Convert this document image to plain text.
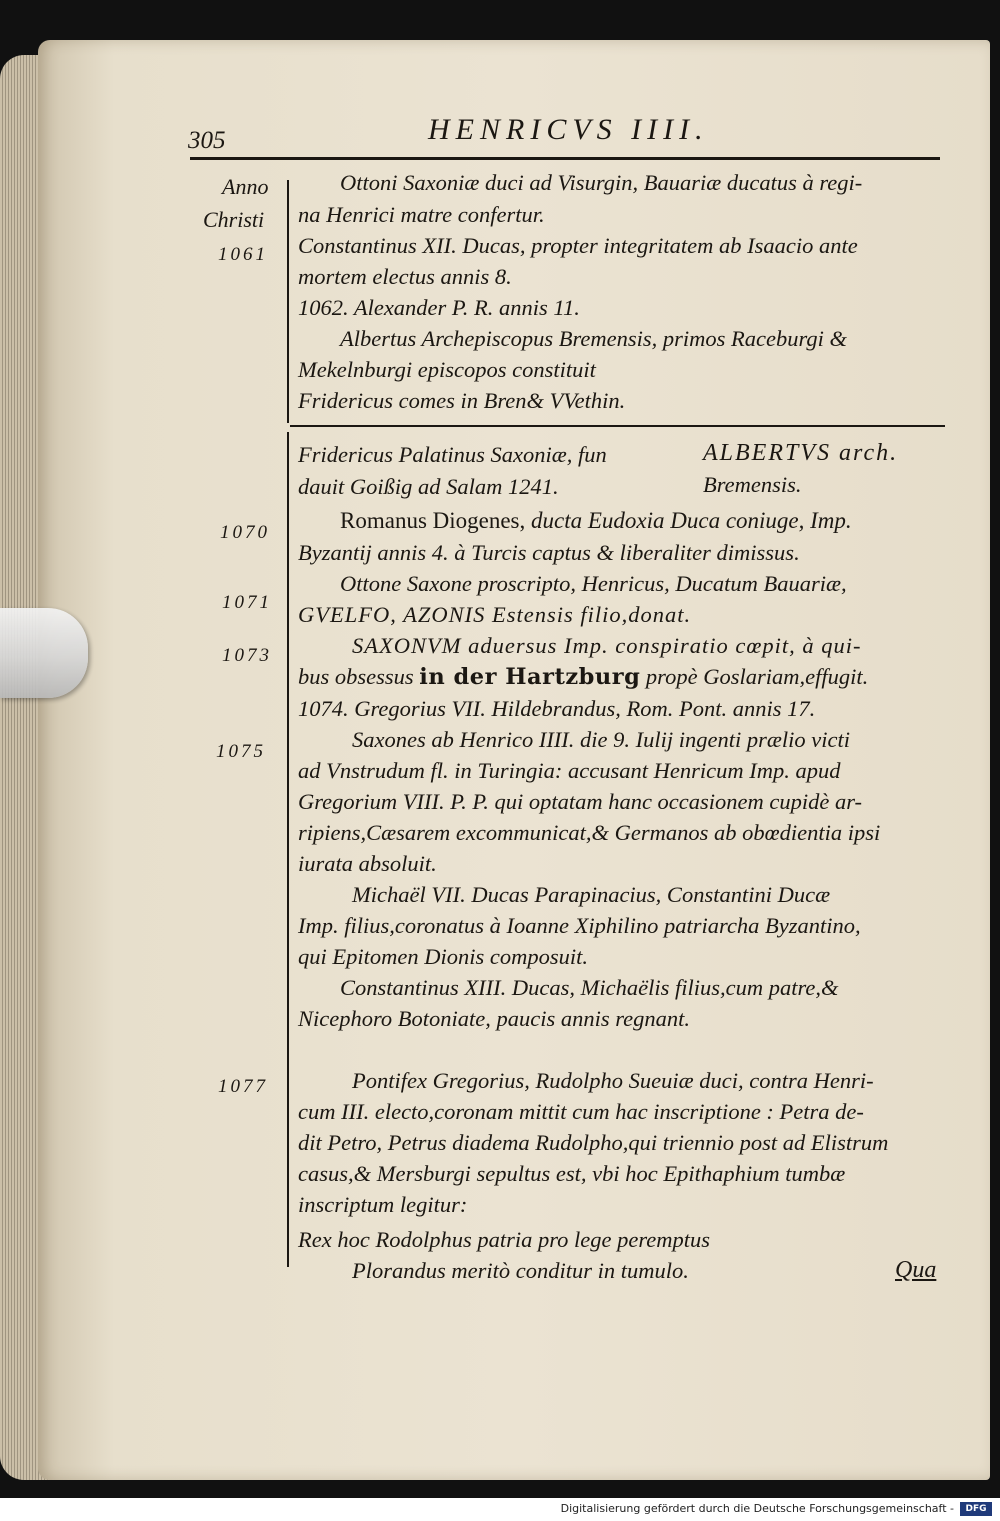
305	HENRICVS IIII.
Anno
Christi
1061
1070
1071
1073
1075
1077
Ottoni Saxoniæ duci ad Visurgin, Bauariæ ducatus à regi-
na Henrici matre confertur.
Constantinus XII. Ducas, propter integritatem ab Isaacio ante
mortem electus annis 8.
1062. Alexander P. R. annis 11.
Albertus Archepiscopus Bremensis, primos Raceburgi &
Mekelnburgi episcopos constituit
Fridericus comes in Bren& VVethin.
Fridericus Palatinus Saxoniæ, fun
dauit Goißig ad Salam 1241.
ALBERTVS arch.
Bremensis.
Romanus Diogenes, ducta Eudoxia Duca coniuge, Imp.
Byzantij annis 4. à Turcis captus & liberaliter dimissus.
Ottone Saxone proscripto, Henricus, Ducatum Bauariæ,
GVELFO, AZONIS Estensis filio,donat.
SAXONVM aduersus Imp. conspiratio cœpit, à qui-
bus obsessus in der Hartzburg propè Goslariam,effugit.
1074. Gregorius VII. Hildebrandus, Rom. Pont. annis 17.
Saxones ab Henrico IIII. die 9. Iulij ingenti prælio victi
ad Vnstrudum fl. in Turingia: accusant Henricum Imp. apud
Gregorium VIII. P. P. qui optatam hanc occasionem cupidè ar-
ripiens,Cæsarem excommunicat,& Germanos ab obœdientia ipsi
iurata absoluit.
Michaël VII. Ducas Parapinacius, Constantini Ducæ
Imp. filius,coronatus à Ioanne Xiphilino patriarcha Byzantino,
qui Epitomen Dionis composuit.
Constantinus XIII. Ducas, Michaëlis filius,cum patre,&
Nicephoro Botoniate, paucis annis regnant.
Pontifex Gregorius, Rudolpho Sueuiæ duci, contra Henri-
cum III. electo,coronam mittit cum hac inscriptione : Petra de-
dit Petro, Petrus diadema Rudolpho,qui triennio post ad Elistrum
casus,& Mersburgi sepultus est, vbi hoc Epithaphium tumbæ
inscriptum legitur:
Rex hoc Rodolphus patria pro lege peremptus
Plorandus meritò conditur in tumulo.	Qua
Digitalisierung gefördert durch die Deutsche Forschungsgemeinschaft -	DFG
